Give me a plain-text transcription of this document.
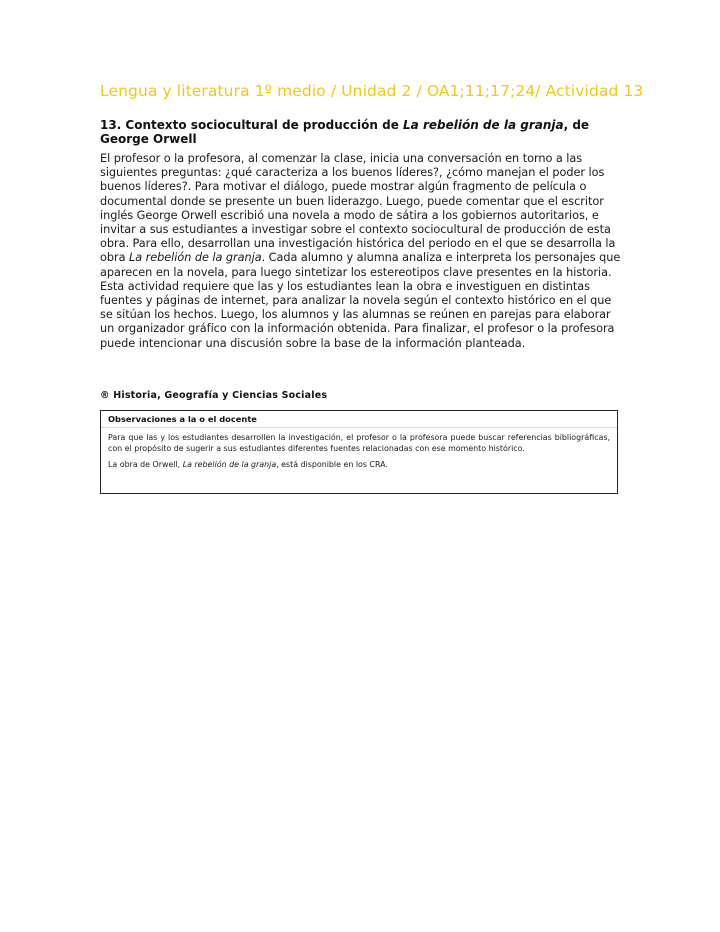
Lengua y literatura 1º medio / Unidad 2 / OA1;11;17;24/ Actividad 13
13. Contexto sociocultural de producción de La rebelión de la granja, de George Orwell
El profesor o la profesora, al comenzar la clase, inicia una conversación en torno a las siguientes preguntas: ¿qué caracteriza a los buenos líderes?, ¿cómo manejan el poder los buenos líderes?. Para motivar el diálogo, puede mostrar algún fragmento de película o documental donde se presente un buen liderazgo. Luego, puede comentar que el escritor inglés George Orwell escribió una novela a modo de sátira a los gobiernos autoritarios, e invitar a sus estudiantes a investigar sobre el contexto sociocultural de producción de esta obra. Para ello, desarrollan una investigación histórica del periodo en el que se desarrolla la obra La rebelión de la granja. Cada alumno y alumna analiza e interpreta los personajes que aparecen en la novela, para luego sintetizar los estereotipos clave presentes en la historia. Esta actividad requiere que las y los estudiantes lean la obra e investiguen en distintas fuentes y páginas de internet, para analizar la novela según el contexto histórico en el que se sitúan los hechos. Luego, los alumnos y las alumnas se reúnen en parejas para elaborar un organizador gráfico con la información obtenida. Para finalizar, el profesor o la profesora puede intencionar una discusión sobre la base de la información planteada.
® Historia, Geografía y Ciencias Sociales
Observaciones a la o el docente

Para que las y los estudiantes desarrollen la investigación, el profesor o la profesora puede buscar referencias bibliográficas, con el propósito de sugerir a sus estudiantes diferentes fuentes relacionadas con ese momento histórico.

La obra de Orwell, La rebelión de la granja, está disponible en los CRA.
